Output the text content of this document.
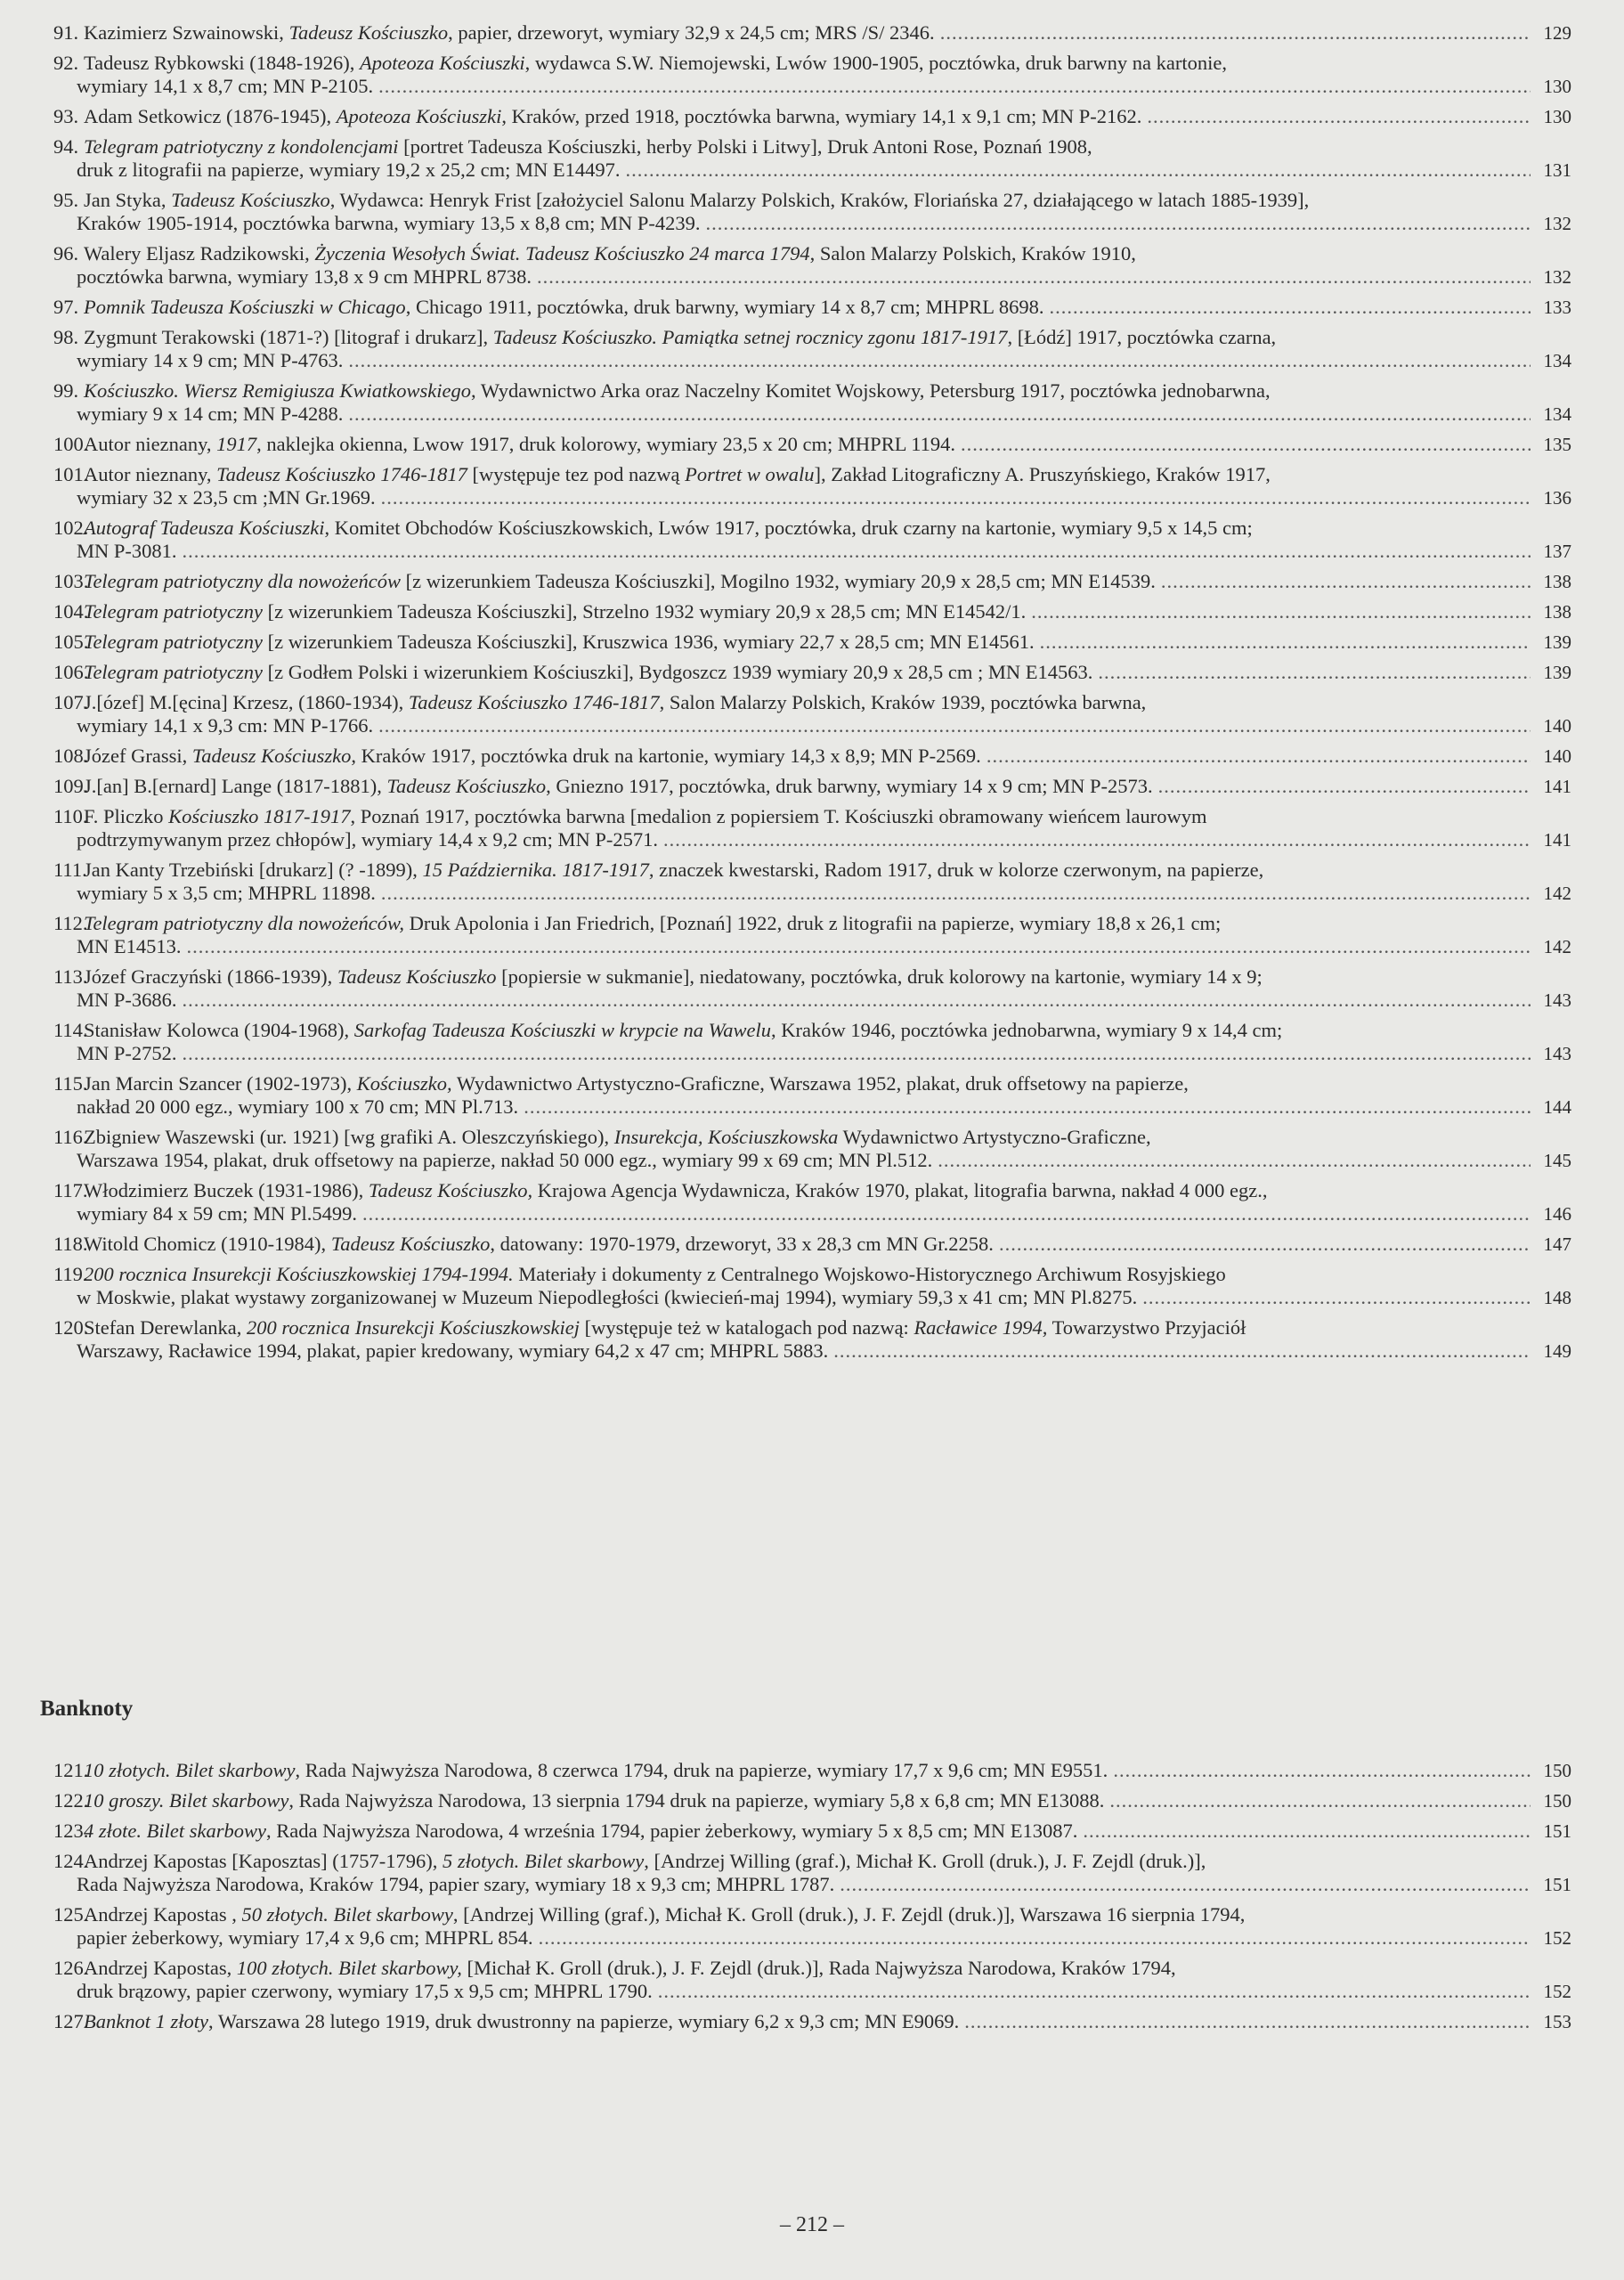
91. Kazimierz Szwainowski, Tadeusz Kościuszko, papier, drzeworyt, wymiary 32,9 x 24,5 cm; MRS /S/ 2346. .....	129
92. Tadeusz Rybkowski (1848-1926), Apoteoza Kościuszki, wydawca S.W. Niemojewski, Lwów 1900-1905, pocztówka, druk barwny na kartonie,
wymiary 14,1 x 8,7 cm; MN P-2105. .....	130
93. Adam Setkowicz (1876-1945), Apoteoza Kościuszki, Kraków, przed 1918, pocztówka barwna, wymiary 14,1 x 9,1 cm; MN P-2162. .....	130
94. Telegram patriotyczny z kondolencjami [portret Tadeusza Kościuszki, herby Polski i Litwy], Druk Antoni Rose, Poznań 1908,
druk z litografii na papierze, wymiary 19,2 x 25,2 cm; MN E14497. .....	131
95. Jan Styka, Tadeusz Kościuszko, Wydawca: Henryk Frist [założyciel Salonu Malarzy Polskich, Kraków, Floriańska 27, działającego w latach 1885-1939],
Kraków 1905-1914, pocztówka barwna, wymiary 13,5 x 8,8 cm; MN P-4239. .....	132
96. Walery Eljasz Radzikowski, Życzenia Wesołych Świat. Tadeusz Kościuszko 24 marca 1794, Salon Malarzy Polskich, Kraków 1910,
pocztówka barwna, wymiary 13,8 x 9 cm MHPRL 8738. .....	132
97. Pomnik Tadeusza Kościuszki w Chicago, Chicago 1911, pocztówka, druk barwny, wymiary 14 x 8,7 cm; MHPRL 8698. .....	133
98. Zygmunt Terakowski (1871-?) [litograf i drukarz], Tadeusz Kościuszko. Pamiątka setnej rocznicy zgonu 1817-1917, [Łódź] 1917, pocztówka czarna,
wymiary 14 x 9 cm; MN P-4763. .....	134
99. Kościuszko. Wiersz Remigiusza Kwiatkowskiego, Wydawnictwo Arka oraz Naczelny Komitet Wojskowy, Petersburg 1917, pocztówka jednobarwna,
wymiary 9 x 14 cm; MN P-4288. .....	134
100.
Autor nieznany, 1917, naklejka okienna, Lwow 1917, druk kolorowy, wymiary 23,5 x 20 cm; MHPRL 1194. .....	135
101.
Autor nieznany, Tadeusz Kościuszko 1746-1817 [występuje tez pod nazwą Portret w owalu], Zakład Litograficzny A. Pruszyńskiego, Kraków 1917,
wymiary 32 x 23,5 cm ;MN Gr.1969. .....	136
102.
Autograf Tadeusza Kościuszki, Komitet Obchodów Kościuszkowskich, Lwów 1917, pocztówka, druk czarny na kartonie, wymiary 9,5 x 14,5 cm;
MN P-3081. .....	137
103.
Telegram patriotyczny dla nowożeńców [z wizerunkiem Tadeusza Kościuszki], Mogilno 1932, wymiary 20,9 x 28,5 cm; MN E14539. .....	138
104.
Telegram patriotyczny [z wizerunkiem Tadeusza Kościuszki], Strzelno 1932 wymiary 20,9 x 28,5 cm; MN E14542/1. .....	138
105.
Telegram patriotyczny [z wizerunkiem Tadeusza Kościuszki], Kruszwica 1936, wymiary 22,7 x 28,5 cm; MN E14561. .....	139
106.
Telegram patriotyczny [z Godłem Polski i wizerunkiem Kościuszki], Bydgoszcz 1939 wymiary 20,9 x 28,5 cm ; MN E14563. .....	139
107.
J.[ózef] M.[ęcina] Krzesz, (1860-1934), Tadeusz Kościuszko 1746-1817, Salon Malarzy Polskich, Kraków 1939, pocztówka barwna,
wymiary 14,1 x 9,3 cm: MN P-1766. .....	140
108.
Józef Grassi, Tadeusz Kościuszko, Kraków 1917, pocztówka druk na kartonie, wymiary 14,3 x 8,9; MN P-2569. .....	140
109.
J.[an] B.[ernard] Lange (1817-1881), Tadeusz Kościuszko, Gniezno 1917, pocztówka, druk barwny, wymiary 14 x 9 cm; MN P-2573. .....	141
110.
F. Pliczko Kościuszko 1817-1917, Poznań 1917, pocztówka barwna [medalion z popiersiem T. Kościuszki obramowany wieńcem laurowym
podtrzymywanym przez chłopów], wymiary 14,4 x 9,2 cm; MN P-2571. .....	141
111.
Jan Kanty Trzebiński [drukarz] (? -1899), 15 Października. 1817-1917, znaczek kwestarski, Radom 1917, druk w kolorze czerwonym, na papierze,
wymiary 5 x 3,5 cm; MHPRL 11898. .....	142
112.
Telegram patriotyczny dla nowożeńców, Druk Apolonia i Jan Friedrich, [Poznań] 1922, druk z litografii na papierze, wymiary 18,8 x 26,1 cm;
MN E14513. .....	142
113.
Józef Graczyński (1866-1939), Tadeusz Kościuszko [popiersie w sukmanie], niedatowany, pocztówka, druk kolorowy na kartonie, wymiary 14 x 9;
MN P-3686. .....	143
114.
Stanisław Kolowca (1904-1968), Sarkofag Tadeusza Kościuszki w krypcie na Wawelu, Kraków 1946, pocztówka jednobarwna, wymiary 9 x 14,4 cm;
MN P-2752. .....	143
115.
Jan Marcin Szancer (1902-1973), Kościuszko, Wydawnictwo Artystyczno-Graficzne, Warszawa 1952, plakat, druk offsetowy na papierze,
nakład 20 000 egz., wymiary 100 x 70 cm; MN Pl.713. .....	144
116.
Zbigniew Waszewski (ur. 1921) [wg grafiki A. Oleszczyńskiego), Insurekcja, Kościuszkowska Wydawnictwo Artystyczno-Graficzne,
Warszawa 1954, plakat, druk offsetowy na papierze, nakład 50 000 egz., wymiary 99 x 69 cm; MN Pl.512. .....	145
117.
Włodzimierz Buczek (1931-1986), Tadeusz Kościuszko, Krajowa Agencja Wydawnicza, Kraków 1970, plakat, litografia barwna, nakład 4 000 egz.,
wymiary 84 x 59 cm; MN Pl.5499. .....	146
118.
Witold Chomicz (1910-1984), Tadeusz Kościuszko, datowany: 1970-1979, drzeworyt, 33 x 28,3 cm MN Gr.2258. .....	147
119.
200 rocznica Insurekcji Kościuszkowskiej 1794-1994. Materiały i dokumenty z Centralnego Wojskowo-Historycznego Archiwum Rosyjskiego
w Moskwie, plakat wystawy zorganizowanej w Muzeum Niepodległości (kwiecień-maj 1994), wymiary 59,3 x 41 cm; MN Pl.8275. .....	148
120.
Stefan Derewlanka, 200 rocznica Insurekcji Kościuszkowskiej [występuje też w katalogach pod nazwą: Racławice 1994, Towarzystwo Przyjaciół
Warszawy, Racławice 1994, plakat, papier kredowany, wymiary 64,2 x 47 cm; MHPRL 5883. .....	149
Banknoty
121.
10 złotych. Bilet skarbowy, Rada Najwyższa Narodowa, 8 czerwca 1794, druk na papierze, wymiary 17,7 x 9,6 cm; MN E9551. .....	150
122.
10 groszy. Bilet skarbowy, Rada Najwyższa Narodowa, 13 sierpnia 1794 druk na papierze, wymiary 5,8 x 6,8 cm; MN E13088. .....	150
123.
4 złote. Bilet skarbowy, Rada Najwyższa Narodowa, 4 września 1794, papier żeberkowy, wymiary 5 x 8,5 cm; MN E13087. .....	151
124.
Andrzej Kapostas [Kaposztas] (1757-1796), 5 złotych. Bilet skarbowy, [Andrzej Willing (graf.), Michał K. Groll (druk.), J. F. Zejdl (druk.)],
Rada Najwyższa Narodowa, Kraków 1794, papier szary, wymiary 18 x 9,3 cm; MHPRL 1787. .....	151
125.
Andrzej Kapostas , 50 złotych. Bilet skarbowy, [Andrzej Willing (graf.), Michał K. Groll (druk.), J. F. Zejdl (druk.)], Warszawa 16 sierpnia 1794,
papier żeberkowy, wymiary 17,4 x 9,6 cm; MHPRL 854. .....	152
126.
Andrzej Kapostas, 100 złotych. Bilet skarbowy, [Michał K. Groll (druk.), J. F. Zejdl (druk.)], Rada Najwyższa Narodowa, Kraków 1794,
druk brązowy, papier czerwony, wymiary 17,5 x 9,5 cm; MHPRL 1790. .....	152
127.
Banknot 1 złoty, Warszawa 28 lutego 1919, druk dwustronny na papierze, wymiary 6,2 x 9,3 cm; MN E9069. .....	153
– 212 –
